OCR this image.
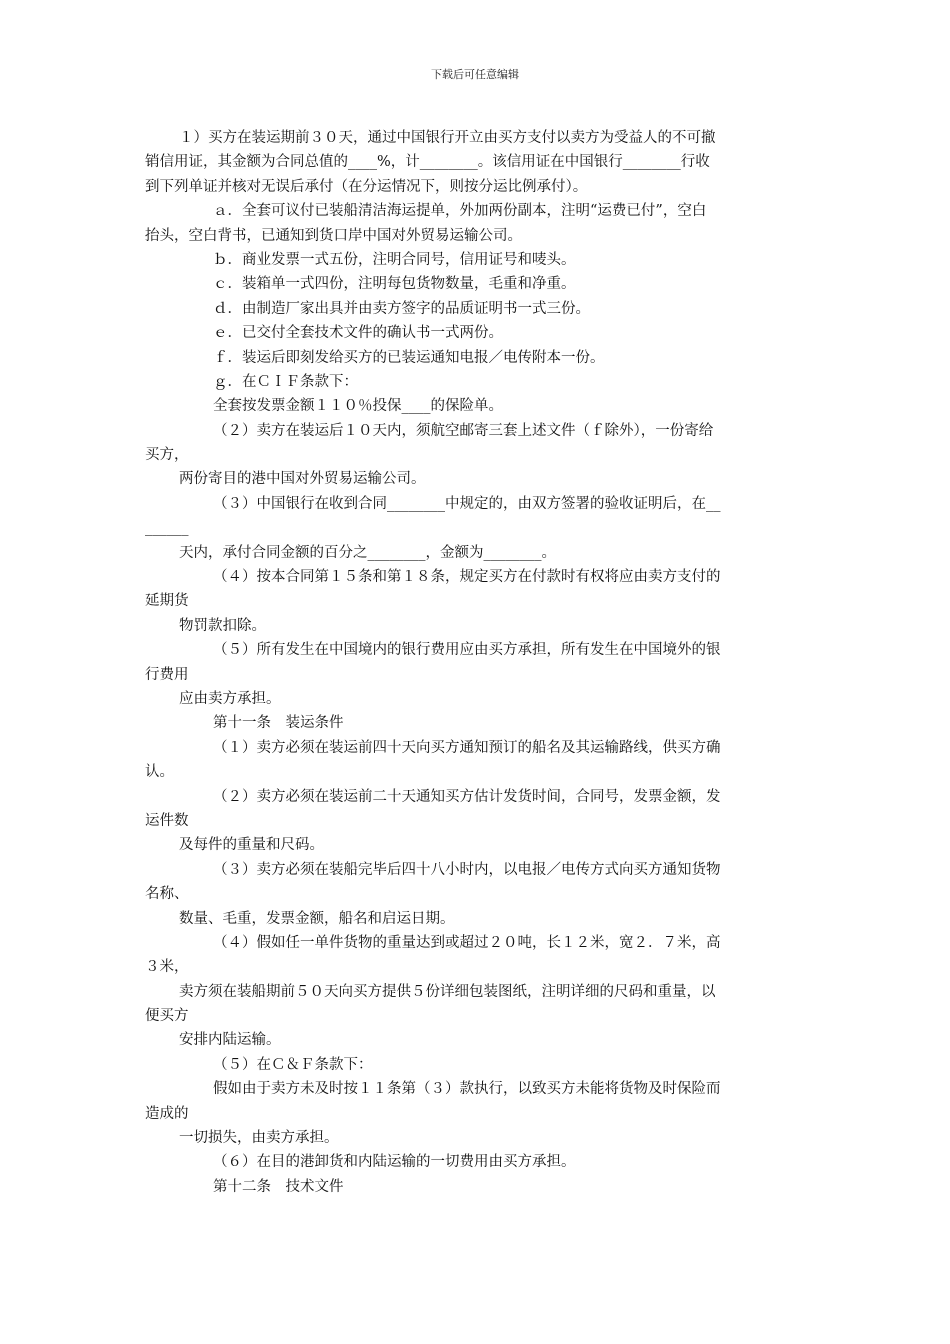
下载后可任意编辑
１）买方在装运期前３０天，通过中国银行开立由买方支付以卖方为受益人的不可撤
销信用证，其金额为合同总值的____%，计________。该信用证在中国银行________行收
到下列单证并核对无误后承付（在分运情况下，则按分运比例承付）。
ａ．全套可议付已装船清洁海运提单，外加两份副本，注明“运费已付”，空白
抬头，空白背书，已通知到货口岸中国对外贸易运输公司。
ｂ．商业发票一式五份，注明合同号，信用证号和唛头。
ｃ．装箱单一式四份，注明每包货物数量，毛重和净重。
ｄ．由制造厂家出具并由卖方签字的品质证明书一式三份。
ｅ．已交付全套技术文件的确认书一式两份。
ｆ．装运后即刻发给买方的已装运通知电报／电传附本一份。
ｇ．在ＣＩＦ条款下：
全套按发票金额１１０％投保____的保险单。
（２）卖方在装运后１０天内，须航空邮寄三套上述文件（ｆ除外），一份寄给
买方，
两份寄目的港中国对外贸易运输公司。
（３）中国银行在收到合同________中规定的，由双方签署的验收证明后，在__
______
天内，承付合同金额的百分之________，金额为________。
（４）按本合同第１５条和第１８条，规定买方在付款时有权将应由卖方支付的
延期货
物罚款扣除。
（５）所有发生在中国境内的银行费用应由买方承担，所有发生在中国境外的银
行费用
应由卖方承担。
第十一条　装运条件
（１）卖方必须在装运前四十天向买方通知预订的船名及其运输路线，供买方确
认。
（２）卖方必须在装运前二十天通知买方估计发货时间，合同号，发票金额，发
运件数
及每件的重量和尺码。
（３）卖方必须在装船完毕后四十八小时内，以电报／电传方式向买方通知货物
名称、
数量、毛重，发票金额，船名和启运日期。
（４）假如任一单件货物的重量达到或超过２０吨，长１２米，宽２．７米，高
３米，
卖方须在装船期前５０天向买方提供５份详细包装图纸，注明详细的尺码和重量，以
便买方
安排内陆运输。
（５）在Ｃ＆Ｆ条款下：
假如由于卖方未及时按１１条第（３）款执行，以致买方未能将货物及时保险而
造成的
一切损失，由卖方承担。
（６）在目的港卸货和内陆运输的一切费用由买方承担。
第十二条　技术文件
